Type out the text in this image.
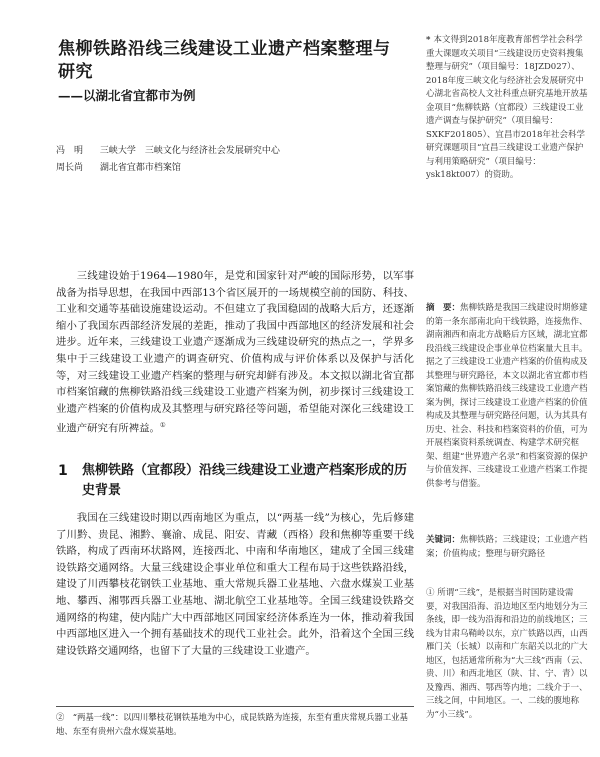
焦柳铁路沿线三线建设工业遗产档案整理与研究
——以湖北省宜都市为例
冯　明 三峡大学　三峡文化与经济社会发展研究中心
周长尚 湖北省宜都市档案馆

三线建设始于1964—1980年，是党和国家针对严峻的国际形势，以军事战备为指导思想，在我国中西部13个省区展开的一场规模空前的国防、科技、工业和交通等基础设施建设运动。不但建立了我国稳固的战略大后方，还逐渐缩小了我国东西部经济发展的差距，推动了我国中西部地区的经济发展和社会进步。近年来，三线建设工业遗产逐渐成为三线建设研究的热点之一，学界多集中于三线建设工业遗产的调查研究、价值构成与评价体系以及保护与活化等，对三线建设工业遗产档案的整理与研究却鲜有涉及。本文拟以湖北省宜都市档案馆藏的焦柳铁路沿线三线建设工业遗产档案为例，初步探讨三线建设工业遗产档案的价值构成及其整理与研究路径等问题，希望能对深化三线建设工业遗产研究有所裨益。①

1 焦柳铁路（宜都段）沿线三线建设工业遗产档案形成的历史背景

我国在三线建设时期以西南地区为重点，以“两基一线”为核心，先后修建了川黔、贵昆、湘黔、襄渝、成昆、阳安、青藏（西格）段和焦柳等重要干线铁路，构成了西南环状路网，连接西北、中南和华南地区，建成了全国三线建设铁路交通网络。大量三线建设企事业单位和重大工程布局于这些铁路沿线，建设了川西攀枝花钢铁工业基地、重大常规兵器工业基地、六盘水煤炭工业基地、攀西、湘鄂西兵器工业基地、湖北航空工业基地等。全国三线建设铁路交通网络的构建，使内陆广大中西部地区同国家经济体系连为一体，推动着我国中西部地区进入一个拥有基础技术的现代工业社会。此外，沿着这个全国三线建设铁路交通网络，也留下了大量的三线建设工业遗产。

②　“两基一线”：以四川攀枝花钢铁基地为中心，成昆铁路为连接，东至有重庆常规兵器工业基地、东至有贵州六盘水煤炭基地。

* 本文得到2018年度教育部哲学社会科学重大课题攻关项目“三线建设历史资料搜集整理与研究”（项目编号：18JZD027）、2018年度三峡文化与经济社会发展研究中心湖北省高校人文社科重点研究基地开放基金项目“焦柳铁路（宜都段）三线建设工业遗产调查与保护研究”（项目编号：SXKF201805）、宜昌市2018年社会科学研究课题项目“宜昌三线建设工业遗产保护与利用策略研究”（项目编号：ysk18kt007）的资助。

摘　要：焦柳铁路是我国三线建设时期修建的第一条东部南北向干线铁路，连接焦作、湖南湘西和南北方战略后方区域，湖北宜都段沿线三线建设企事业单位档案量大且丰。据之了三线建设工业遗产档案的价值构成及其整理与研究路径，本文以湖北省宜都市档案馆藏的焦柳铁路沿线三线建设工业遗产档案为例，探讨三线建设工业遗产档案的价值构成及其整理与研究路径问题，认为其具有历史、社会、科技和档案资料的价值，可为开展档案资料系统调查、构建学术研究框架、组建“世界遗产名录”和档案资源的保护与价值发挥、三线建设工业遗产档案工作提供参考与借鉴。

关键词：焦柳铁路；三线建设；工业遗产档案；价值构成；整理与研究路径

① 所谓“三线”，是根据当时国防建设需要，对我国沿海、沿边地区至内地划分为三条线，即一线为沿海和沿边的前线地区；三线为甘肃乌鞘岭以东，京广铁路以西，山西雁门关（长城）以南和广东韶关以北的广大地区，包括通常所称为“大三线”西南（云、贵、川）和西北地区（陕、甘、宁、青）以及豫西、湘西、鄂西等内地；二线介于一、三线之间，中间地区。一、二线的腹地称为“小三线”。
